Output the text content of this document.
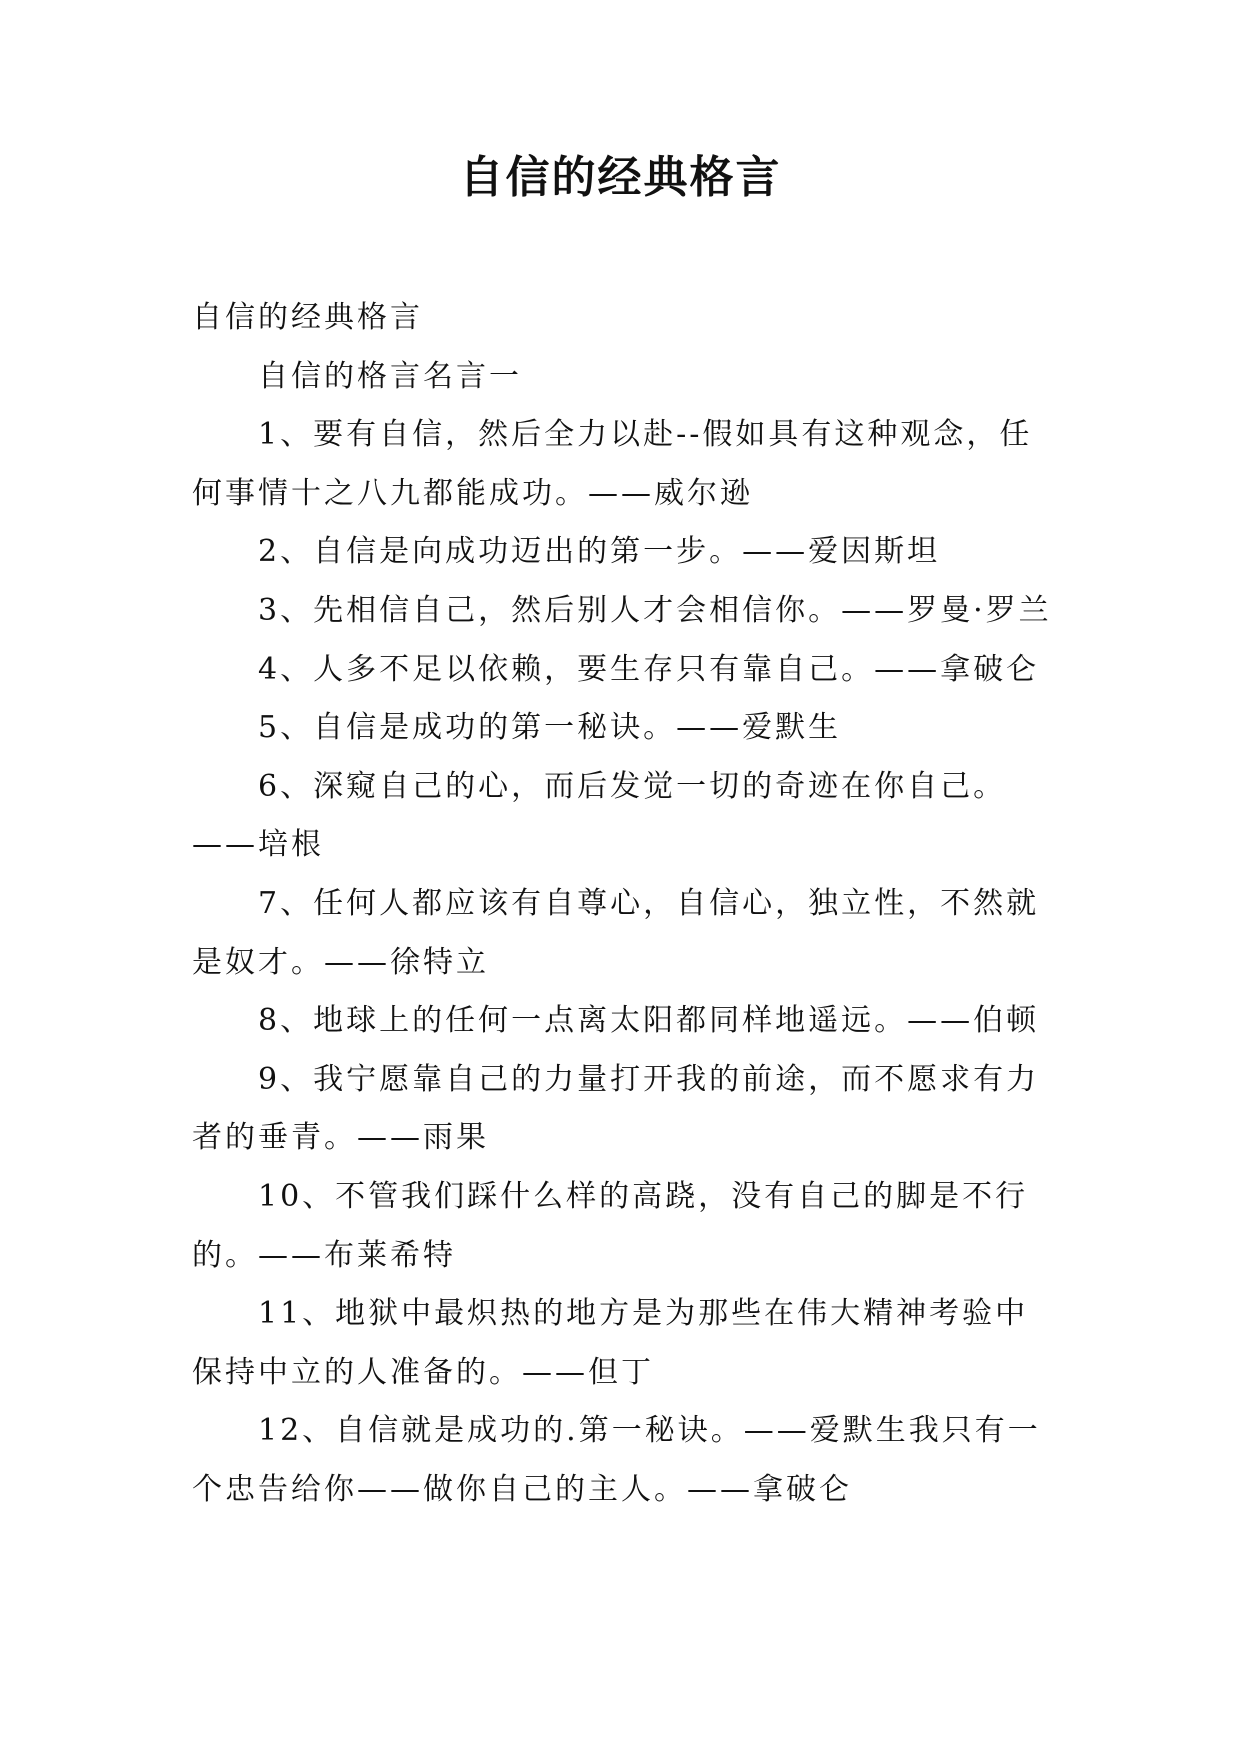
自信的经典格言

自信的经典格言

自信的格言名言一

1、要有自信，然后全力以赴--假如具有这种观念，任何事情十之八九都能成功。——威尔逊

2、自信是向成功迈出的第一步。——爱因斯坦

3、先相信自己，然后别人才会相信你。——罗曼·罗兰

4、人多不足以依赖，要生存只有靠自己。——拿破仑

5、自信是成功的第一秘诀。——爱默生

6、深窥自己的心，而后发觉一切的奇迹在你自己。——培根

7、任何人都应该有自尊心，自信心，独立性，不然就是奴才。——徐特立

8、地球上的任何一点离太阳都同样地遥远。——伯顿

9、我宁愿靠自己的力量打开我的前途，而不愿求有力者的垂青。——雨果

10、不管我们踩什么样的高跷，没有自己的脚是不行的。——布莱希特

11、地狱中最炽热的地方是为那些在伟大精神考验中保持中立的人准备的。——但丁

12、自信就是成功的.第一秘诀。——爱默生我只有一个忠告给你——做你自己的主人。——拿破仑
